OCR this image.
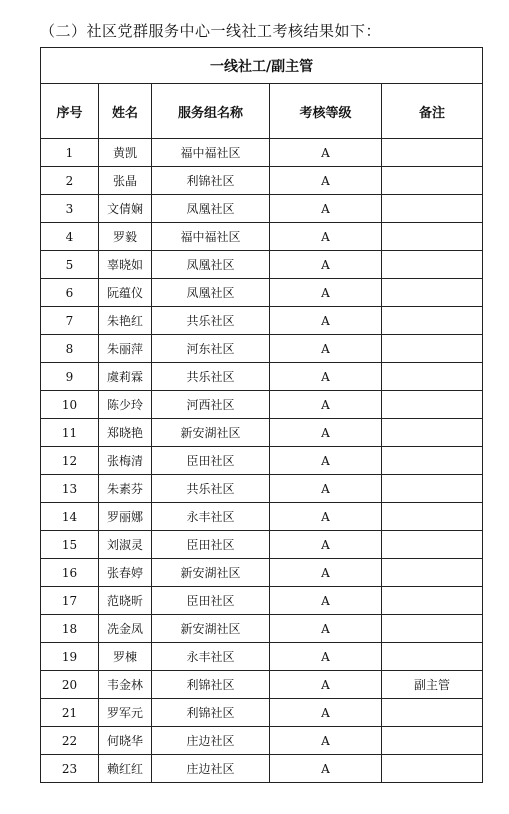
（二）社区党群服务中心一线社工考核结果如下：
一线社工/副主管				
序号	姓名	服务组名称	考核等级	备注
1	黄凯	福中福社区	A	
2	张晶	利锦社区	A	
3	文倩娴	凤凰社区	A	
4	罗毅	福中福社区	A	
5	辜晓如	凤凰社区	A	
6	阮蕴仪	凤凰社区	A	
7	朱艳红	共乐社区	A	
8	朱丽萍	河东社区	A	
9	虞莉霖	共乐社区	A	
10	陈少玲	河西社区	A	
11	郑晓艳	新安湖社区	A	
12	张梅清	臣田社区	A	
13	朱素芬	共乐社区	A	
14	罗丽娜	永丰社区	A	
15	刘淑灵	臣田社区	A	
16	张春婷	新安湖社区	A	
17	范晓昕	臣田社区	A	
18	冼金凤	新安湖社区	A	
19	罗棟	永丰社区	A	
20	韦金林	利锦社区	A	副主管
21	罗军元	利锦社区	A	
22	何晓华	庄边社区	A	
23	赖红红	庄边社区	A	
